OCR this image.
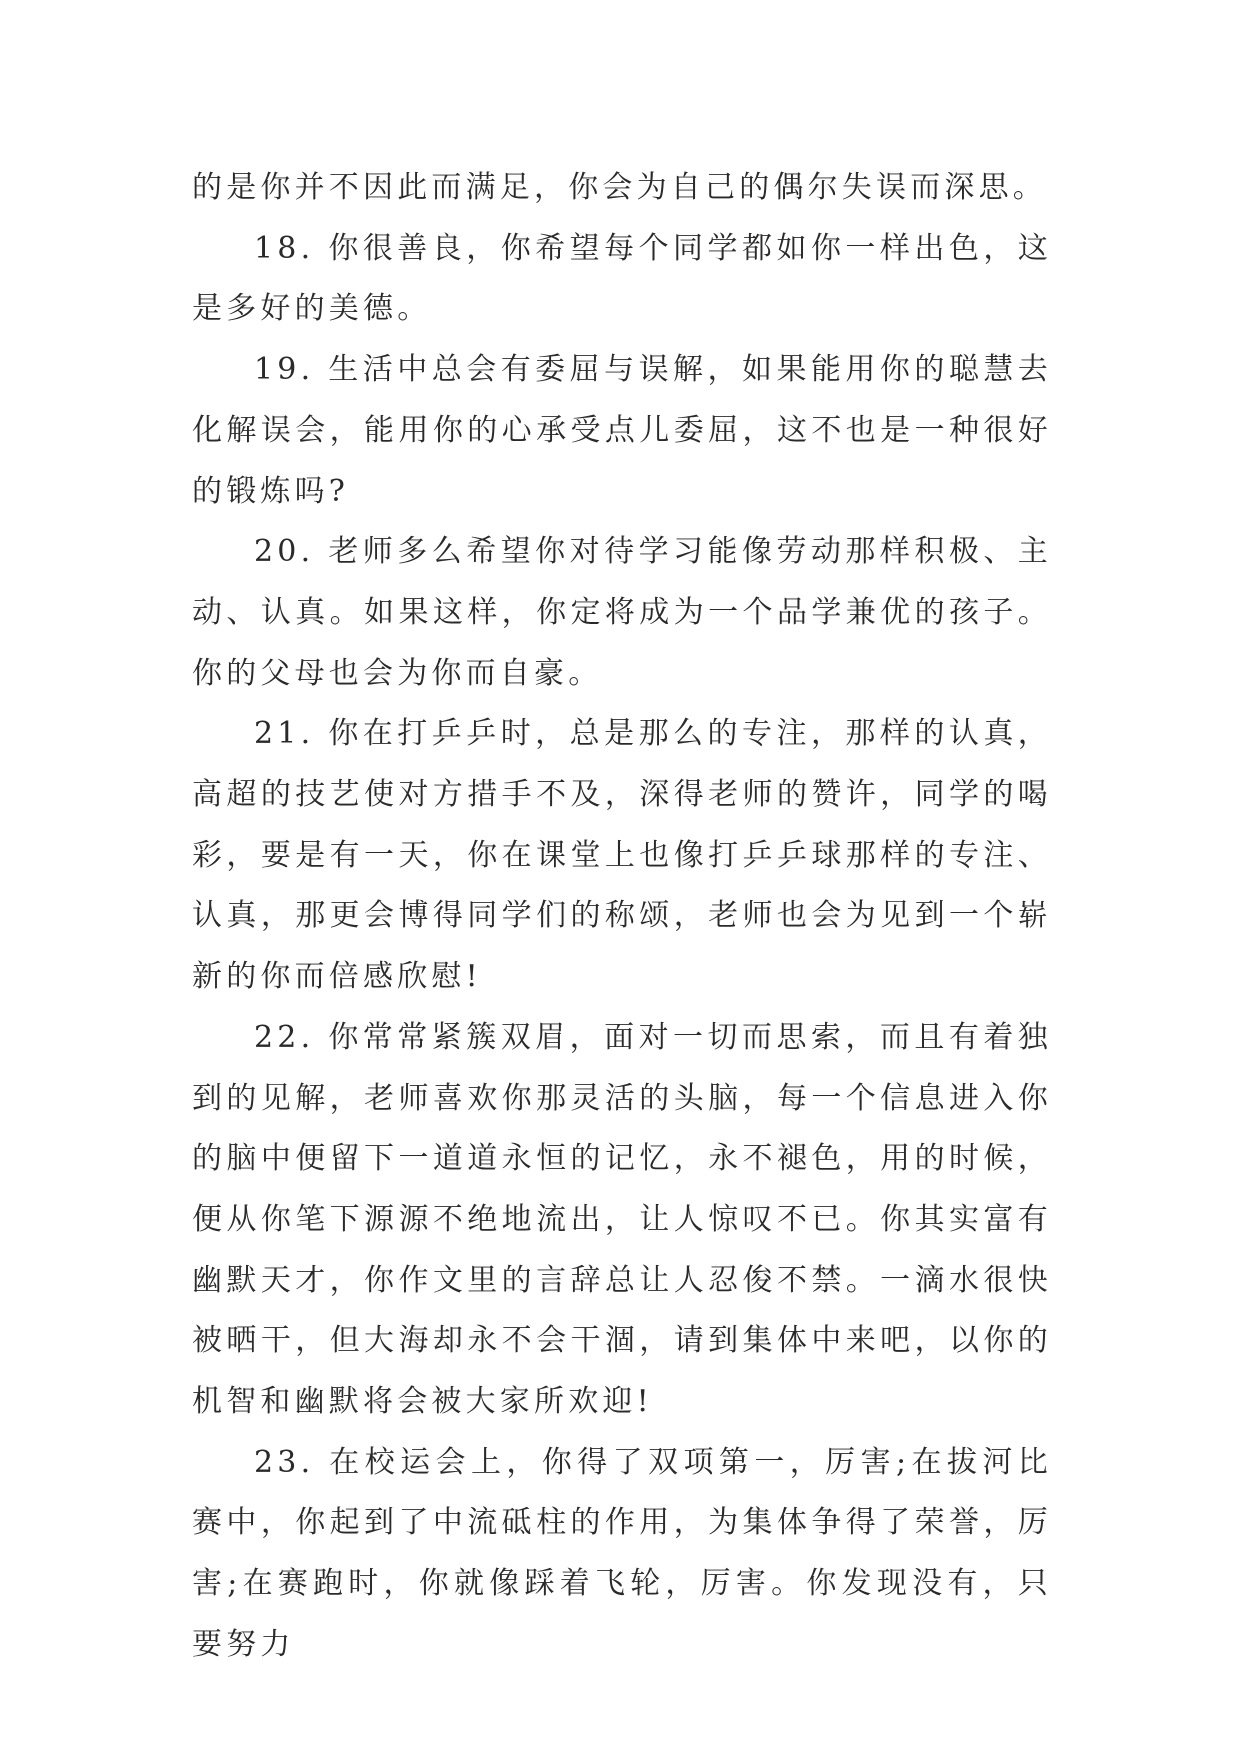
的是你并不因此而满足，你会为自己的偶尔失误而深思。

18. 你很善良，你希望每个同学都如你一样出色，这是多好的美德。

19. 生活中总会有委屈与误解，如果能用你的聪慧去化解误会，能用你的心承受点儿委屈，这不也是一种很好的锻炼吗?

20. 老师多么希望你对待学习能像劳动那样积极、主动、认真。如果这样，你定将成为一个品学兼优的孩子。你的父母也会为你而自豪。

21. 你在打乒乒时，总是那么的专注，那样的认真，高超的技艺使对方措手不及，深得老师的赞许，同学的喝彩，要是有一天，你在课堂上也像打乒乒球那样的专注、认真，那更会博得同学们的称颂，老师也会为见到一个崭新的你而倍感欣慰!

22. 你常常紧簇双眉，面对一切而思索，而且有着独到的见解，老师喜欢你那灵活的头脑，每一个信息进入你的脑中便留下一道道永恒的记忆，永不褪色，用的时候，便从你笔下源源不绝地流出，让人惊叹不已。你其实富有幽默天才，你作文里的言辞总让人忍俊不禁。一滴水很快被晒干，但大海却永不会干涸，请到集体中来吧，以你的机智和幽默将会被大家所欢迎!

23. 在校运会上，你得了双项第一，厉害;在拔河比赛中，你起到了中流砥柱的作用，为集体争得了荣誉，厉害;在赛跑时，你就像踩着飞轮，厉害。你发现没有，只要努力
